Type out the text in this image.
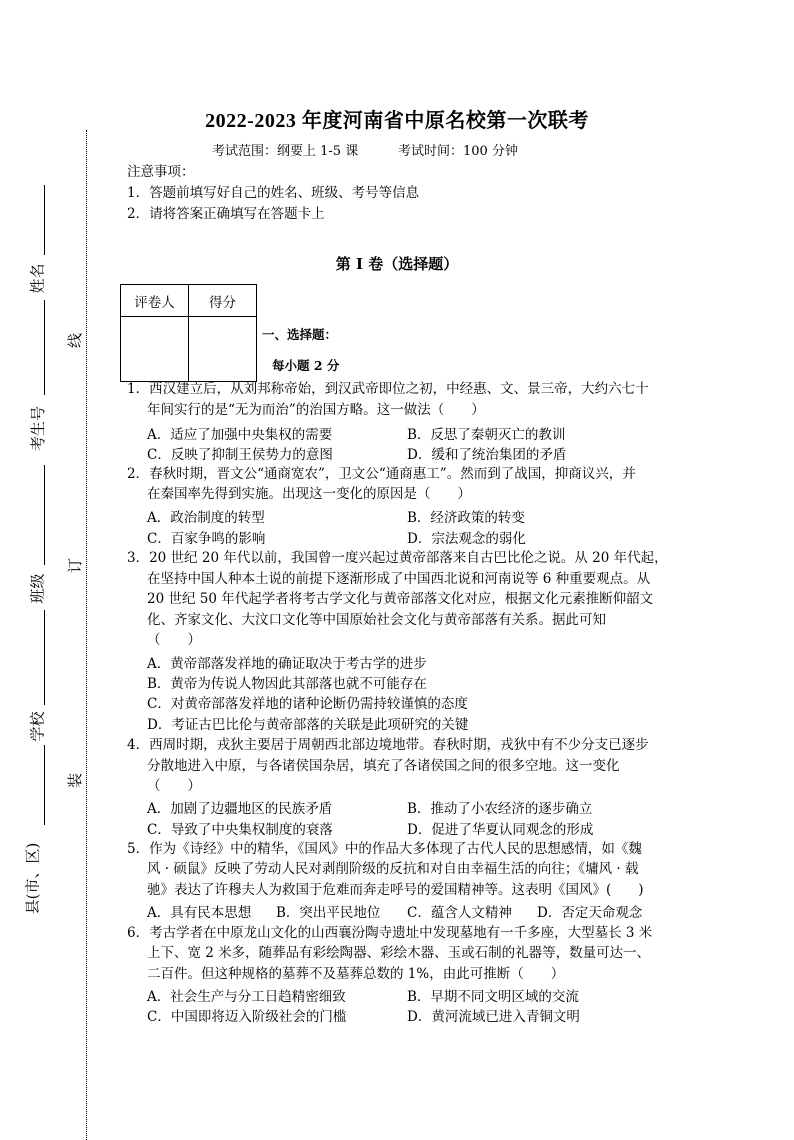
姓名
考生号
班级
学校
县(市、区)
线
订
装
2022-2023 年度河南省中原名校第一次联考
考试范围：纲要上 1-5 课	考试时间：100 分钟
注意事项：
1．答题前填写好自己的姓名、班级、考号等信息
2．请将答案正确填写在答题卡上
第 I 卷（选择题）
评卷人	得分

一、选择题：
每小题 2 分
1．西汉建立后，从刘邦称帝始，到汉武帝即位之初，中经惠、文、景三帝，大约六七十
年间实行的是“无为而治”的治国方略。这一做法（　　）
A．适应了加强中央集权的需要	B．反思了秦朝灭亡的教训
C．反映了抑制王侯势力的意图	D．缓和了统治集团的矛盾
2．春秋时期，晋文公“通商宽农”，卫文公“通商惠工”。然而到了战国，抑商议兴，并
在秦国率先得到实施。出现这一变化的原因是（　　）
A．政治制度的转型	B．经济政策的转变
C．百家争鸣的影响	D．宗法观念的弱化
3．20 世纪 20 年代以前，我国曾一度兴起过黄帝部落来自古巴比伦之说。从 20 年代起，
在坚持中国人种本土说的前提下逐渐形成了中国西北说和河南说等 6 种重要观点。从
20 世纪 50 年代起学者将考古学文化与黄帝部落文化对应，根据文化元素推断仰韶文
化、齐家文化、大汶口文化等中国原始社会文化与黄帝部落有关系。据此可知
（　　）
A．黄帝部落发祥地的确证取决于考古学的进步
B．黄帝为传说人物因此其部落也就不可能存在
C．对黄帝部落发祥地的诸种论断仍需持较谨慎的态度
D．考证古巴比伦与黄帝部落的关联是此项研究的关键
4．西周时期，戎狄主要居于周朝西北部边境地带。春秋时期，戎狄中有不少分支已逐步
分散地进入中原，与各诸侯国杂居，填充了各诸侯国之间的很多空地。这一变化
（　　）
A．加剧了边疆地区的民族矛盾	B．推动了小农经济的逐步确立
C．导致了中央集权制度的衰落	D．促进了华夏认同观念的形成
5．作为《诗经》中的精华，《国风》中的作品大多体现了古代人民的思想感情，如《魏
风 · 硕鼠》反映了劳动人民对剥削阶级的反抗和对自由幸福生活的向往；《墉风 · 载
驰》表达了许穆夫人为救国于危难而奔走呼号的爱国精神等。这表明《国风》(　　)
A．具有民本思想 B．突出平民地位 C．蕴含人文精神 D．否定天命观念
6．考古学者在中原龙山文化的山西襄汾陶寺遗址中发现墓地有一千多座，大型墓长 3 米
上下、宽 2 米多，随葬品有彩绘陶器、彩绘木器、玉或石制的礼器等，数量可达一、
二百件。但这种规格的墓葬不及墓葬总数的 1%，由此可推断（　　）
A．社会生产与分工日趋精密细致	B．早期不同文明区域的交流
C．中国即将迈入阶级社会的门槛	D．黄河流域已进入青铜文明
